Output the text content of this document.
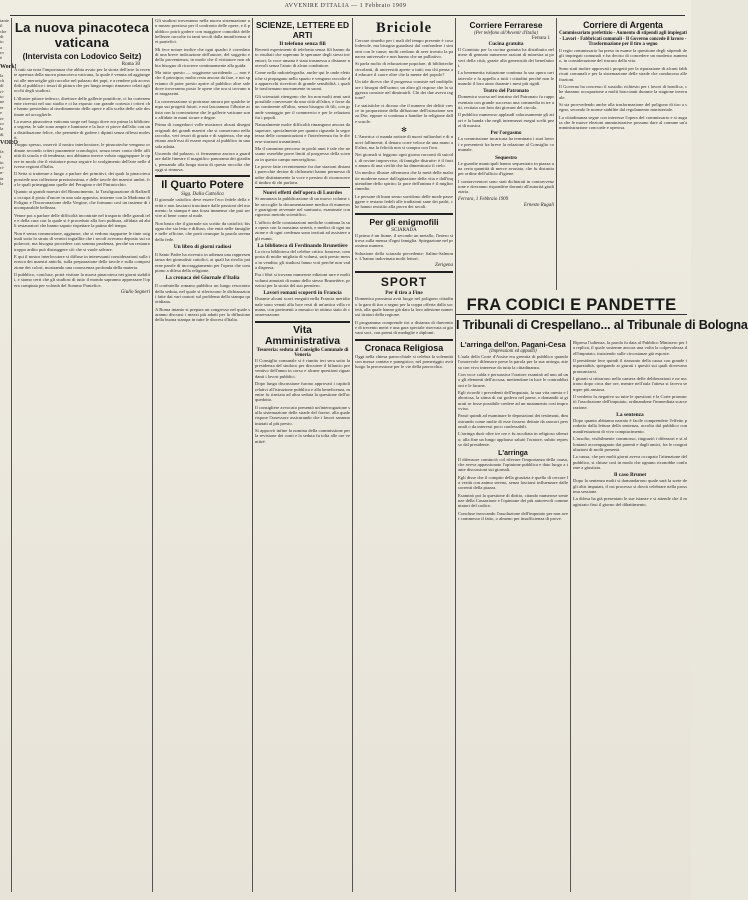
AVVENIRE D'ITALIA — 1 Febbraio 1909
tante
il
che
di
to
a
ro
è
Work!
la
ch
di
ri-
to
ne
er
e
re
ro
la
di
VORO
fa
i
in
ri-
n-
ta
la
La nuova pinacoteca vaticana
(Intervista con Lodovico Seitz)
Roma 30

A tutti sia nota l'importanza che abbia avuto per la storia dell'arte la recente apertura della nuova pinacoteca vaticana, la quale è venuta ad aggiungersi alle meraviglie già raccolte nel palazzo dei papi, e a rendere più accessibili al pubblico i tesori di pittura che per lungo tempo rimasero celati agli occhi degli studiosi.

L'illustre pittore tedesco, direttore delle gallerie pontificie, ci ha cortesemente ricevuti nel suo studio e ci ha esposto con grande cortesia i criteri che hanno presieduto al riordinamento delle opere e alla scelta delle sale destinate ad accoglierle.

La nuova pinacoteca vaticana sorge nel luogo dove era prima la biblioteca segreta; le sale sono ampie e luminose e la luce vi piove dall'alto con una distribuzione felice, che permette di godere i dipinti senza riflessi molesti.

Troppo spesso, osservò il nostro interlocutore, le pinacoteche vengono ordinate secondo criteri puramente cronologici, senza tener conto delle affinità di scuola e di tendenza; noi abbiamo invece voluto raggruppare le opere in modo che il visitatore possa seguire lo svolgimento dell'arte nelle diverse regioni d'Italia.

Il Seitz si trattenne a lungo a parlare dei primitivi, dei quali la pinacoteca possiede una collezione preziosissima, e delle tavole dei maestri umbri, fra le quali primeggiano quelle del Perugino e del Pinturicchio.

Quanto ai grandi maestri del Rinascimento, la Trasfigurazione di Raffaello occupa il posto d'onore in una sala apposita, insieme con la Madonna di Foligno e l'Incoronazione della Vergine, che formano così un insieme di incomparabile bellezza.

Venne poi a parlare delle difficoltà incontrate nel trasporto delle grandi tele e della cura con la quale si è proceduto alla loro pulitura, affidata ad abili restauratori che hanno saputo rispettare la patina del tempo.

Non è senza commozione, aggiunse, che si vedono riapparire le tinte originali sotto lo strato di vernici ingiallite che i secoli avevano deposto sui capolavori; ma bisogna procedere con somma prudenza, perché un restauro troppo ardito può distruggere ciò che si vuole salvare.

E qui il nostro interlocutore si diffuse in interessanti considerazioni sulla tecnica dei maestri antichi, sulla preparazione delle tavole e sulla composizione dei colori, mostrando una conoscenza profonda della materia.

Il pubblico, concluse, potrà visitare la nuova pinacoteca nei giorni stabiliti, e siamo certi che gli studiosi di tutto il mondo sapranno apprezzare l'opera compiuta per volontà del Sommo Pontefice.

Giulio Segneri

Gli studiosi troveranno nella nuova sistemazione un mezzo prezioso per il confronto delle opere, e il pubblico potrà godere con maggiore comodità delle bellezze raccolte in tanti secoli dalla munificenza dei pontefici.

Mi fece notare inoltre che ogni quadro è corredato di una breve indicazione dell'autore, del soggetto e della provenienza, in modo che il visitatore non abbia bisogno di ricorrere continuamente alla guida.

Ma tutto questo — soggiunse sorridendo — non è che il principio; molto resta ancora da fare, e noi speriamo di poter presto aprire al pubblico altre sale dove troveranno posto le opere che ora si trovano nei magazzini.

La conversazione si protrasse ancora per qualche tempo sui progetti futuri, e noi lasciammo l'illustre artista con la convinzione che le gallerie vaticane sono affidate in mani sicure e degne.

Prima di congedarci volle mostrarci alcuni disegni originali dei grandi maestri che si conservano nella raccolta, veri tesori di grazia e di sapienza, che aspettano anch'essi di essere esposti al pubblico in una sala adatta.

Uscendo dal palazzo, ci fermammo ancora a guardare dalle finestre il magnifico panorama dei giardini, pensando alla lunga storia di questa raccolta che oggi si rinnova.

Il Quarto Potere
Sigg. Dalla Cattolica

Il giornale cattolico deve essere l'eco fedele della verità e non lasciarsi trascinare dalle passioni del momento; la stampa è una forza immensa che può servire al bene come al male.

Non basta che il giornale sia scritto da cattolici; bisogna che sia letto e diffuso, che entri nelle famiglie e nelle officine, che porti ovunque la parola serena della fede.

Un libro di giorni radiosi

Il Santo Padre ha ricevuto in udienza una rappresentanza dei giornalisti cattolici, ai quali ha rivolto paterne parole di incoraggiamento per l'opera che compiono a difesa della religione.

La cronaca del Giornale d'Italia

Il confratello romano pubblica un lungo resoconto della seduta, nel quale si riferiscono le dichiarazioni fatte dai vari oratori sul problema della stampa quotidiana.

A Roma intanto si prepara un congresso nel quale saranno discussi i mezzi più adatti per la diffusione della buona stampa in tutte le diocesi d'Italia.

SCIENZE, LETTERE ED ARTI
Il telefono senza fili

Recenti esperimenti di telefonia senza fili hanno dato risultati che superano le speranze degli stessi inventori; la voce umana è stata trasmessa a distanze notevoli senza l'aiuto di alcun conduttore.

Come nella radiotelegrafia, anche qui le onde elettriche si propagano nello spazio e vengono raccolte da apparecchi ricevitori di grande sensibilità, i quali le trasformano nuovamente in suoni.

Gli scienziati ritengono che fra non molti anni sarà possibile conversare da una città all'altra, e forse da un continente all'altro, senza bisogno di fili, con grande vantaggio per il commercio e per le relazioni fra i popoli.

Naturalmente molte difficoltà rimangono ancora da superare, specialmente per quanto riguarda la segretezza delle comunicazioni e l'interferenza fra le diverse stazioni trasmittenti.

Ma il cammino percorso in pochi anni è tale che nessuno oserebbe porre limiti al progresso della scienza in questo campo meraviglioso.

Le prove fatte recentemente fra due stazioni distanti parecchie decine di chilometri hanno permesso di udire distintamente la voce e persino di riconoscere il timbro di chi parlava.

Nuovi effetti dell'opera di Lourdes

Si annunzia la pubblicazione di un nuovo volume che raccoglie la documentazione medica di numerose guarigioni avvenute nel santuario, esaminate con rigoroso metodo scientifico.

L'ufficio delle constatazioni mediche continua la sua opera con la massima serietà, e medici di ogni nazione e di ogni credenza sono invitati ad assistere agli esami.

La biblioteca di Ferdinando Brunetière

La ricca biblioteca del celebre critico francese, composta di molte migliaia di volumi, sarà presto messa in vendita; gli studiosi fanno voti perché non vada dispersa.

Fra i libri si trovano numerose edizioni rare e molti volumi annotati di mano dello stesso Brunetière, preziosi per la storia del suo pensiero.

Lavori romani scoperti in Francia

Durante alcuni scavi eseguiti nella Francia meridionale sono venuti alla luce resti di un'antica villa romana, con pavimenti a mosaico in ottimo stato di conservazione.

Vita Amministrativa
Tesoreria: seduta al Consiglio Comunale di Veneria

Il Consiglio comunale si è riunito ieri sera sotto la presidenza del sindaco per discutere il bilancio preventivo dell'anno in corso e alcune questioni riguardanti i lavori pubblici.

Dopo lunga discussione furono approvati i capitoli relativi all'istruzione pubblica e alla beneficenza, mentre fu rinviata ad altra seduta la questione dell'acquedotto.

Il consigliere avvocato presentò un'interrogazione sulla sistemazione delle strade del forese, alla quale rispose l'assessore assicurando che i lavori saranno iniziati al più presto.

Si approvò infine la nomina della commissione per la revisione dei conti e la seduta fu tolta alle ore ventitré.

Briciole

Cercare rimedio per i mali del tempo presente è cosa lodevole, ma bisogna guardarsi dal confondere i sintomi con le cause; molti credono di aver trovato la panacea universale e non hanno che un palliativo.

Si parla molto di educazione popolare, di biblioteche circolanti, di università aperte a tutti; ma chi pensa ad educare il cuore oltre che la mente del popolo?

Un tale diceva che il progresso consiste nel moltiplicare i bisogni dell'uomo; un altro gli rispose che la saggezza consiste nel diminuirli. Chi dei due aveva ragione?

Le statistiche ci dicono che il numero dei delitti cresce in proporzione della diffusione dell'istruzione senza Dio; eppure si continua a bandire la religione dalle scuole.

✻

L'America ci manda notizie di nuovi miliardari e di nuovi fallimenti; il denaro corre veloce da una mano all'altra, ma la felicità non si compra con l'oro.

Nei giornali si leggono ogni giorno racconti di suicidi, di rovine improvvise, di famiglie distrutte: è il frutto amaro di una civiltà che ha dimenticato il cielo.

Un medico illustre affermava che la metà delle malattie moderne nasce dall'agitazione della vita e dall'inquietudine dello spirito; la pace dell'anima è il miglior rimedio.

Le persone di buon senso sorridono delle mode passeggere e restano fedeli alle tradizioni sane dei padri, che hanno resistito alla prova dei secoli.

Per gli enigmofili
SCIARADA

Il primo è un fiume, il secondo un metallo, l'intero si trova sulla mensa d'ogni famiglia. Spiegazione nel prossimo numero.

Soluzione della sciarada precedente: Salino-Salmone. L'hanno indovinata molti lettori.

Zerigena
SPORT
Per il tiro a Fine

Domenica prossima avrà luogo nel poligono cittadino la gara di tiro a segno per la coppa offerta dalla società, alla quale hanno già dato la loro adesione numerosi tiratori della regione.

Il programma comprende tiri a distanza di duecento e di trecento metri e una gara speciale riservata ai giovani soci, con premi di medaglie e diplomi.

Cronaca Religiosa

Oggi nella chiesa parrocchiale si celebra la solennità con messa cantata e panegirico; nel pomeriggio avrà luogo la processione per le vie della parrocchia.

Corriere Ferrarese
(Per telefono all'Avvenir d'Italia)
Ferrara 1
Cucina gratuita

Il Comitato per la cucina gratuita ha distribuito nel mese di gennaio numerose razioni di minestra ai poveri della città, grazie alla generosità dei benefattori.

La benemerita istituzione continua la sua opera caritatevole e fa appello a tutti i cittadini perché non le manchi il loro aiuto durante i mesi più rigidi.

Teatro del Patronato

Domenica scorsa nel teatrino del Patronato fu rappresentata con grande successo una commedia in tre atti, recitata con brio dai giovani del circolo.

Il pubblico numeroso applaudì calorosamente gli attori e la banda che negli intermezzi eseguì scelti pezzi di musica.

Per l'orgasmo

La commissione incaricata ha terminato i suoi lavori e presenterà fra breve la relazione al Consiglio comunale.

Sequestro

Le guardie municipali hanno sequestrato in piazza una certa quantità di merce avariata, che fu distrutta per ordine dell'ufficio d'igiene.

I contravventori sono stati dichiarati in contravvenzione e dovranno rispondere davanti all'autorità giudiziaria.

Ferrara, 1 Febbraio 1909
Ernesto Rugali
Corriere di Argenta
Commissariato prefettizio - Aumento di stipendi agli impiegati - Lavori - Fabbricati comunali - Il Governo concede il lavoro - Trasformazione per il tiro a segno

Il regio commissario ha preso in esame la questione degli stipendi degli impiegati comunali e ha deciso di concedere un modesto aumento, in considerazione del rincaro della vita.

Sono stati inoltre approvati i progetti per la riparazione di alcuni fabbricati comunali e per la sistemazione delle strade che conducono alle frazioni.

Il Governo ha concesso il sussidio richiesto per i lavori di bonifica, che daranno occupazione a molti braccianti durante la stagione invernale.

Si sta provvedendo anche alla trasformazione del poligono di tiro a segno, secondo le norme stabilite dal regolamento ministeriale.

La cittadinanza segue con interesse l'opera del commissario e si augura che le nuove elezioni amministrative possano dare al comune un'amministrazione concorde e operosa.

FRA CODICI E PANDETTE
I Tribunali di Crespellano... al Tribunale di Bologna
L'arringa dell'on. Pagani-Cesa
(Impressioni ed appunti)

L'aula della Corte d'Assise era gremita di pubblico quando l'onorevole difensore prese la parola per la sua arringa, attesa con vivo interesse da tutta la cittadinanza.

Con voce calda e persuasiva l'oratore esaminò ad uno ad uno gli elementi dell'accusa, mettendone in luce le contraddizioni e le lacune.

Egli ricordò i precedenti dell'imputato, la sua vita onesta e laboriosa, la stima di cui godeva nel paese, e domandò ai giurati se fosse possibile credere ad un mutamento così improvviso.

Passò quindi ad esaminare le deposizioni dei testimoni, dimostrando come molte di esse fossero dettate da rancori personali o da interessi poco confessabili.

L'arringa durò oltre tre ore e fu ascoltata in religioso silenzio; alla fine un lungo applauso salutò l'oratore, subito represso dal presidente.

L'arringa

Il difensore cominciò col rilevare l'importanza della causa, che aveva appassionato l'opinione pubblica e dato luogo a tante discussioni sui giornali.

Egli disse che il compito della giustizia è quello di cercare la verità con animo sereno, senza lasciarsi influenzare dalle correnti della piazza.

Esaminò poi la questione di diritto, citando numerose sentenze della Cassazione e l'opinione dei più autorevoli commentatori del codice.

Concluse invocando l'assoluzione dell'imputato per non aver commesso il fatto, o almeno per insufficienza di prove.

Ripresa l'udienza, la parola fu data al Pubblico Ministero per la replica, il quale sostenne ancora una volta la colpevolezza dell'imputato, insistendo sulle circostanze già esposte.

Il presidente fece quindi il riassunto della causa con grande imparzialità, spiegando ai giurati i quesiti sui quali dovevano pronunciarsi.

I giurati si ritirarono nella camera delle deliberazioni e ne uscirono dopo circa due ore, mentre nell'aula l'attesa si faceva sempre più ansiosa.

Il verdetto fu negativo su tutte le questioni e la Corte pronunciò l'assoluzione dell'imputato, ordinandone l'immediata scarcerazione.

La sentenza

Dopo quanto abbiamo narrato è facile comprendere l'effetto prodotto dalla lettura della sentenza, accolta dal pubblico con manifestazioni di vivo compiacimento.

L'assolto, visibilmente commosso, ringraziò i difensori e si allontanò accompagnato dai parenti e dagli amici, fra le congratulazioni di molti presenti.

La causa, che per molti giorni aveva occupato l'attenzione del pubblico, si chiuse così in modo che ognuno riconobbe conforme a giustizia.

Il caso Brunet

Dopo la sentenza molti si domandarono quale sarà la sorte degli altri imputati, il cui processo si dovrà celebrare nella prossima sessione.

La difesa ha già presentato le sue istanze e si attende che il magistrato fissi il giorno del dibattimento.
